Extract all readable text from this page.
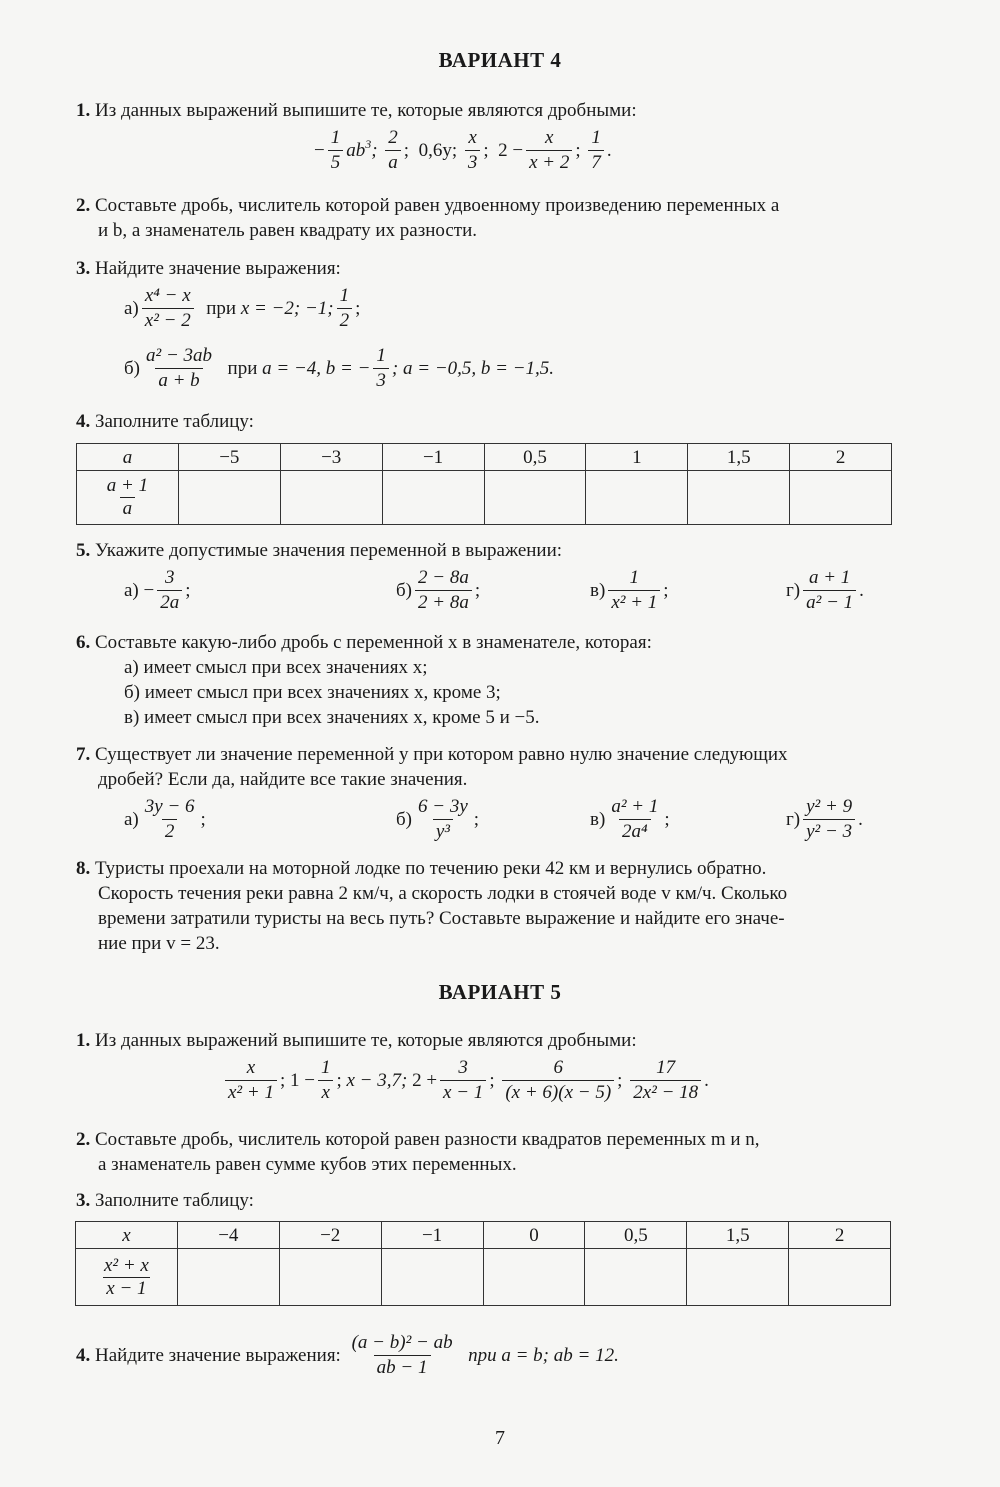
ВАРИАНТ 4
1. Из данных выражений выпишите те, которые являются дробными:
− $\frac{1}{5} ab^3$; $\frac{2}{a}$ ; 0,6y;
$\frac{x}{3}$ ; $2 - \frac{x}{x + 2}$ ; $\frac{1}{7}$ .
2. Составьте дробь, числитель которой равен удвоенному произведению переменных a
и b, а знаменатель равен квадрату их разности.
3. Найдите значение выражения:
$а) \frac{\text{x⁴ − x}}{\text{x² − 2}}$
при
x = −2; −1; $\frac{1}{2}$ ;
$б) \frac{\text{a² − 3ab}}{a + b}$
при
a = −4, b = − $\frac{1}{3}$ ; a = −0,5, b = −1,5.
4. Заполните таблицу:
a	−5	−3	−1	0,5	1	1,5	2

$\frac{a + 1}{a}$

5. Укажите допустимые значения переменной в выражении:
$а) - \frac{3}{2a}$ ;	$б) \frac{2 - 8a}{2 + 8a}$ ;	$в) \frac{1}{\text{x² + 1}}$ ;	$г) \frac{a + 1}{\text{a² − 1}}$ .
6. Составьте какую-либо дробь с переменной x в знаменателе, которая:
а) имеет смысл при всех значениях x;
б) имеет смысл при всех значениях x, кроме 3;
в) имеет смысл при всех значениях x, кроме 5 и −5.
7. Существует ли значение переменной y при котором равно нулю значение следующих
дробей? Если да, найдите все такие значения.
$а) \frac{3y - 6}{2}$ ;	$б) \frac{6 - 3y}{\text{y³}}$ ;	$в) \frac{\text{a² + 1}}{\text{2a⁴}}$ ;	$г) \frac{\text{y² + 9}}{\text{y² − 3}}$ .
8. Туристы проехали на моторной лодке по течению реки 42 км и вернулись обратно.
Скорость течения реки равна 2 км/ч, а скорость лодки в стоячей воде v км/ч. Сколько
времени затратили туристы на весь путь? Составьте выражение и найдите его значе-
ние при v = 23.
ВАРИАНТ 5
1. Из данных выражений выпишите те, которые являются дробными:
$\frac{x}{\text{x² + 1}}$ ; $1 - \frac{1}{x}$ ; x − 3,7;
$2 + \frac{3}{x - 1}$ ; $\frac{6}{(x + 6)(x - 5)}$ ; $\frac{17}{\text{2x² − 18}}$ .
2. Составьте дробь, числитель которой равен разности квадратов переменных m и n,
а знаменатель равен сумме кубов этих переменных.
3. Заполните таблицу:
x	−4	−2	−1	0	0,5	1,5	2

$\frac{\text{x² + x}}{x - 1}$

4.
Найдите значение выражения:
$\frac{\text{(a − b)² − ab}}{ab - 1}$
при a = b; ab = 12.
7
